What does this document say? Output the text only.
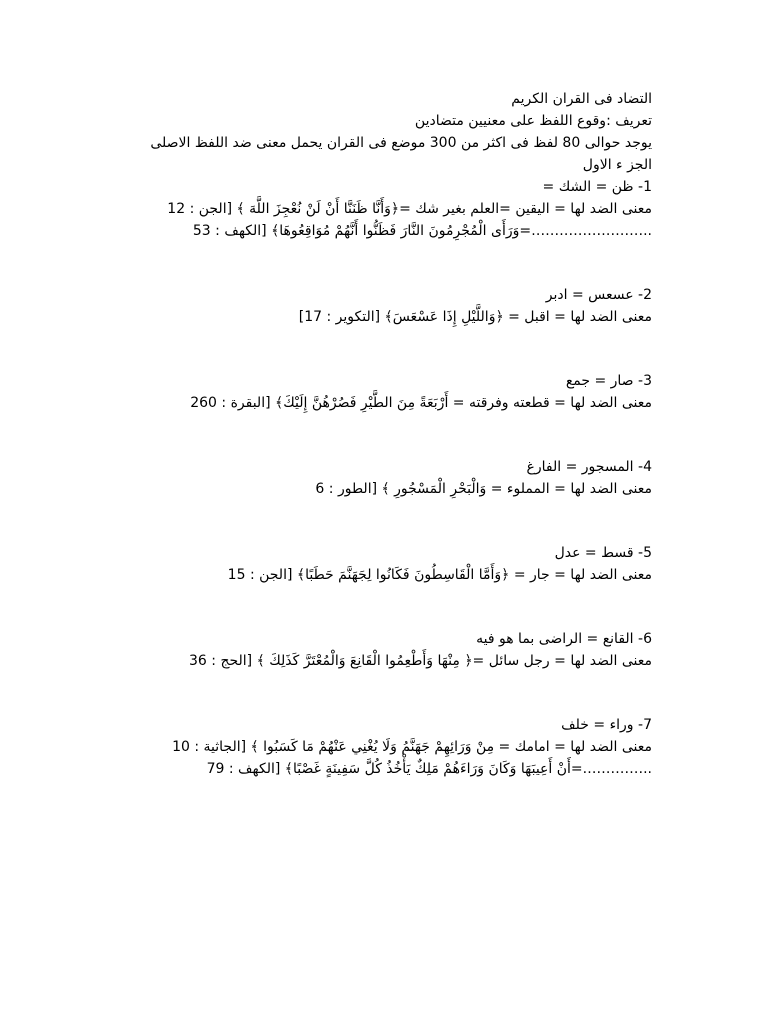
التضاد فى القران الكريم
تعريف :وقوع اللفظ على معنيين متضادين
يوجد حوالى 80 لفظ فى اكثر من 300 موضع فى القران يحمل معنى ضد اللفظ الاصلى
الجز ء الاول
1- ظن = الشك =
معنى الضد لها = اليقين =العلم بغير شك =﴿وَأَنَّا ظَنَنَّا أَنْ لَنْ نُعْجِزَ اللَّهَ ﴾ [الجن : 12
..……………………=وَرَأَى الْمُجْرِمُونَ النَّارَ فَظَنُّوا أَنَّهُمْ مُوَاقِعُوهَا﴾ [الكهف : 53
2- عسعس = ادبر
معنى الضد لها = اقبل = ﴿وَاللَّيْلِ إِذَا عَسْعَسَ﴾ [التكوير : 17]
3- صار = جمع
معنى الضد لها = قطعته وفرقته = أَرْبَعَةً مِنَ الطَّيْرِ فَصُرْهُنَّ إِلَيْكَ﴾ [البقرة : 260
4- المسجور = الفارغ
معنى الضد لها = المملوء = وَالْبَحْرِ الْمَسْجُورِ ﴾ [الطور : 6
5- قسط = عدل
معنى الضد لها = جار = ﴿وَأَمَّا الْقَاسِطُونَ فَكَانُوا لِجَهَنَّمَ حَطَبًا﴾ [الجن : 15
6- القانع = الراضى بما هو فيه
معنى الضد لها = رجل سائل =﴿ مِنْهَا وَأَطْعِمُوا الْقَانِعَ وَالْمُعْتَرَّ كَذَلِكَ ﴾ [الحج : 36
7- وراء = خلف
معنى الضد لها = امامك = مِنْ وَرَائِهِمْ جَهَنَّمُ وَلَا يُغْنِي عَنْهُمْ مَا كَسَبُوا ﴾ [الجاثية : 10
..………….=أَنْ أَعِيبَهَا وَكَانَ وَرَاءَهُمْ مَلِكٌ يَأْخُذُ كُلَّ سَفِينَةٍ غَصْبًا﴾ [الكهف : 79
